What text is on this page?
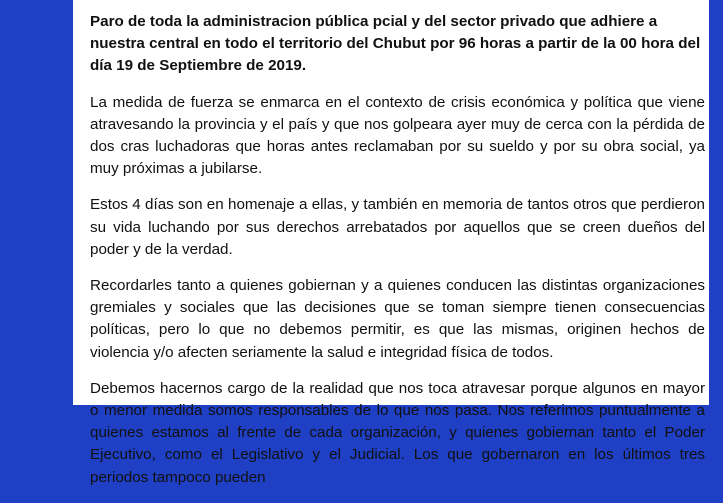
Paro de toda la administracion pública pcial y del sector privado que adhiere a nuestra central en todo el territorio del Chubut por 96 horas a partir de la 00 hora del día 19 de Septiembre de 2019.

La medida de fuerza se enmarca en el contexto de crisis económica y política que viene atravesando la provincia y el país y que nos golpeara ayer muy de cerca con la pérdida de dos cras luchadoras que horas antes reclamaban por su sueldo y por su obra social, ya muy próximas a jubilarse.

Estos 4 días son en homenaje a ellas, y también en memoria de tantos otros que perdieron su vida luchando por sus derechos arrebatados por aquellos que se creen dueños del poder y de la verdad.

Recordarles tanto a quienes gobiernan y a quienes conducen las distintas organizaciones gremiales y sociales que las decisiones que se toman siempre tienen consecuencias políticas, pero lo que no debemos permitir, es que las mismas, originen hechos de violencia y/o afecten seriamente la salud e integridad física de todos.

Debemos hacernos cargo de la realidad que nos toca atravesar porque algunos en mayor o menor medida somos responsables de lo que nos pasa. Nos referimos puntualmente a quienes estamos al frente de cada organización, y quienes gobiernan tanto el Poder Ejecutivo, como el Legislativo y el Judicial. Los que gobernaron en los últimos tres periodos tampoco pueden
